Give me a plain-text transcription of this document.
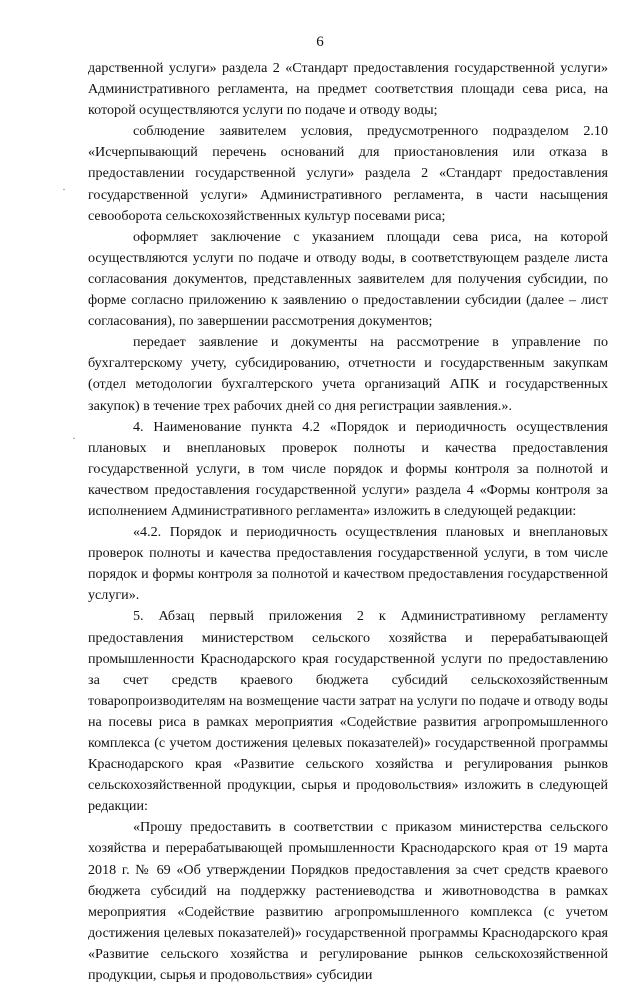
6
·
·

дарственной услуги» раздела 2 «Стандарт предоставления государственной услуги» Административного регламента, на предмет соответствия площади сева риса, на которой осуществляются услуги по подаче и отводу воды;

соблюдение заявителем условия, предусмотренного подразделом 2.10 «Исчерпывающий перечень оснований для приостановления или отказа в предоставлении государственной услуги» раздела 2 «Стандарт предоставления государственной услуги» Административного регламента, в части насыщения севооборота сельскохозяйственных культур посевами риса;

оформляет заключение с указанием площади сева риса, на которой осуществляются услуги по подаче и отводу воды, в соответствующем разделе листа согласования документов, представленных заявителем для получения субсидии, по форме согласно приложению к заявлению о предоставлении субсидии (далее – лист согласования), по завершении рассмотрения документов;

передает заявление и документы на рассмотрение в управление по бухгалтерскому учету, субсидированию, отчетности и государственным закупкам (отдел методологии бухгалтерского учета организаций АПК и государственных закупок) в течение трех рабочих дней со дня регистрации заявления.».

4. Наименование пункта 4.2 «Порядок и периодичность осуществления плановых и внеплановых проверок полноты и качества предоставления государственной услуги, в том числе порядок и формы контроля за полнотой и качеством предоставления государственной услуги» раздела 4 «Формы контроля за исполнением Административного регламента» изложить в следующей редакции:

«4.2. Порядок и периодичность осуществления плановых и внеплановых проверок полноты и качества предоставления государственной услуги, в том числе порядок и формы контроля за полнотой и качеством предоставления государственной услуги».

5. Абзац первый приложения 2 к Административному регламенту предоставления министерством сельского хозяйства и перерабатывающей промышленности Краснодарского края государственной услуги по предоставлению за счет средств краевого бюджета субсидий сельскохозяйственным товаропроизводителям на возмещение части затрат на услуги по подаче и отводу воды на посевы риса в рамках мероприятия «Содействие развития агропромышленного комплекса (с учетом достижения целевых показателей)» государственной программы Краснодарского края «Развитие сельского хозяйства и регулирования рынков сельскохозяйственной продукции, сырья и продовольствия» изложить в следующей редакции:

«Прошу предоставить в соответствии с приказом министерства сельского хозяйства и перерабатывающей промышленности Краснодарского края от 19 марта 2018 г. № 69 «Об утверждении Порядков предоставления за счет средств краевого бюджета субсидий на поддержку растениеводства и животноводства в рамках мероприятия «Содействие развитию агропромышленного комплекса (с учетом достижения целевых показателей)» государственной программы Краснодарского края «Развитие сельского хозяйства и регулирование рынков сельскохозяйственной продукции, сырья и продовольствия» субсидии
